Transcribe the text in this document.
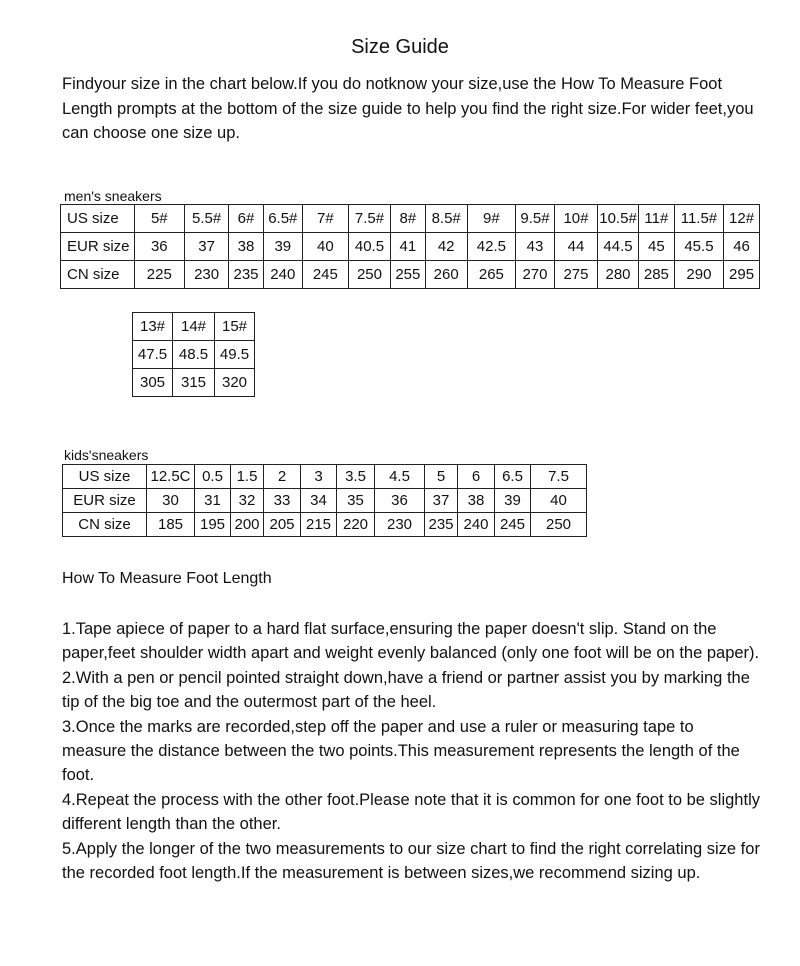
Size Guide

Findyour size in the chart below.If you do notknow your size,use the How To Measure Foot Length prompts at the bottom of the size guide to help you find the right size.For wider feet,you can choose one size up.

men's sneakers

US size	5#	5.5#	6#	6.5#	7#	7.5#	8#	8.5#	9#	9.5#	10#	10.5#	11#	11.5#	12#
EUR size	36	37	38	39	40	40.5	41	42	42.5	43	44	44.5	45	45.5	46
CN size	225	230	235	240	245	250	255	260	265	270	275	280	285	290	295
13#	14#	15#
47.5	48.5	49.5
305	315	320

kids'sneakers

US size	12.5C	0.5	1.5	2	3	3.5	4.5	5	6	6.5	7.5
EUR size	30	31	32	33	34	35	36	37	38	39	40
CN size	185	195	200	205	215	220	230	235	240	245	250
How To Measure Foot Length

1.Tape apiece of paper to a hard flat surface,ensuring the paper doesn't slip. Stand on the paper,feet shoulder width apart and weight evenly balanced (only one foot will be on the paper).

2.With a pen or pencil pointed straight down,have a friend or partner assist you by marking the tip of the big toe and the outermost part of the heel.

3.Once the marks are recorded,step off the paper and use a ruler or measuring tape to measure the distance between the two points.This measurement represents the length of the foot.

4.Repeat the process with the other foot.Please note that it is common for one foot to be slightly different length than the other.

5.Apply the longer of the two measurements to our size chart to find the right correlating size for the recorded foot length.If the measurement is between sizes,we recommend sizing up.
